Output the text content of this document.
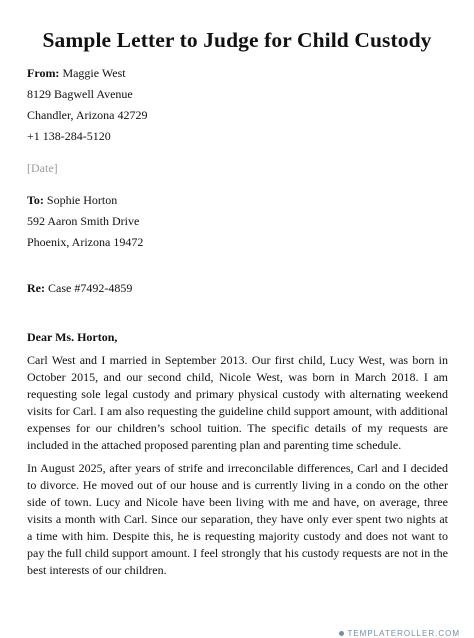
Sample Letter to Judge for Child Custody
From: Maggie West
8129 Bagwell Avenue
Chandler, Arizona 42729
+1 138-284-5120
[Date]
To: Sophie Horton
592 Aaron Smith Drive
Phoenix, Arizona 19472
Re: Case #7492-4859
Dear Ms. Horton,
Carl West and I married in September 2013. Our first child, Lucy West, was born in October 2015, and our second child, Nicole West, was born in March 2018. I am requesting sole legal custody and primary physical custody with alternating weekend visits for Carl. I am also requesting the guideline child support amount, with additional expenses for our children’s school tuition. The specific details of my requests are included in the attached proposed parenting plan and parenting time schedule.
In August 2025, after years of strife and irreconcilable differences, Carl and I decided to divorce. He moved out of our house and is currently living in a condo on the other side of town. Lucy and Nicole have been living with me and have, on average, three visits a month with Carl. Since our separation, they have only ever spent two nights at a time with him. Despite this, he is requesting majority custody and does not want to pay the full child support amount. I feel strongly that his custody requests are not in the best interests of our children.
TEMPLATEROLLER.COM
